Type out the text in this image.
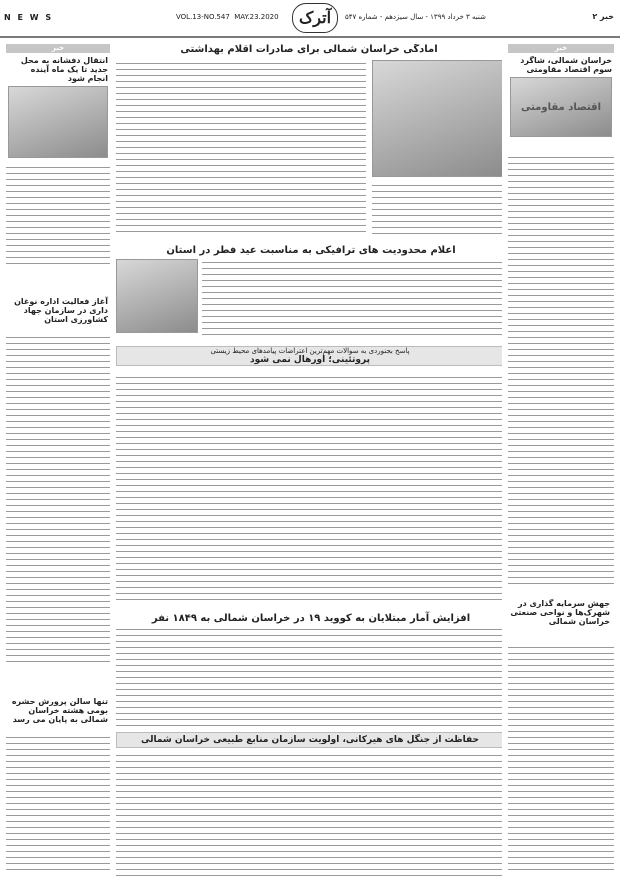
N E W S	VOL.13-NO.547 MAY.23.2020	آترک	شنبه ۳ خرداد ۱۳۹۹ - سال سیزدهم - شماره ۵۴۷	خبر ۲
خبر
انتقال دفشانه به محل جدید تا یک ماه آینده انجام شود
آغاز فعالیت اداره نوغان داری در سازمان جهاد کشاورزی استان
تنها سالن پرورش حشره بومی هشته خراسان شمالی به پایان می رسد
آمادگی خراسان شمالی برای صادرات اقلام بهداشتی
اعلام محدودیت های ترافیکی به مناسبت عید فطر در استان
پاسخ بجنوردی به سوالات مهم‌ترین اعتراضات پیامدهای محیط زیستی
پروتئینی؛ اورهال نمی شود
افزایش آمار مبتلایان به کووید ۱۹ در خراسان شمالی به ۱۸۴۹ نفر
حفاظت از جنگل های هیرکانی، اولویت سازمان منابع طبیعی خراسان شمالی
خبر
خراسان شمالی، شاگرد سوم اقتصاد مقاومتی
اقتصاد مقاومتی
جهش سرمایه گذاری در شهرک‌ها و نواحی صنعتی خراسان شمالی
